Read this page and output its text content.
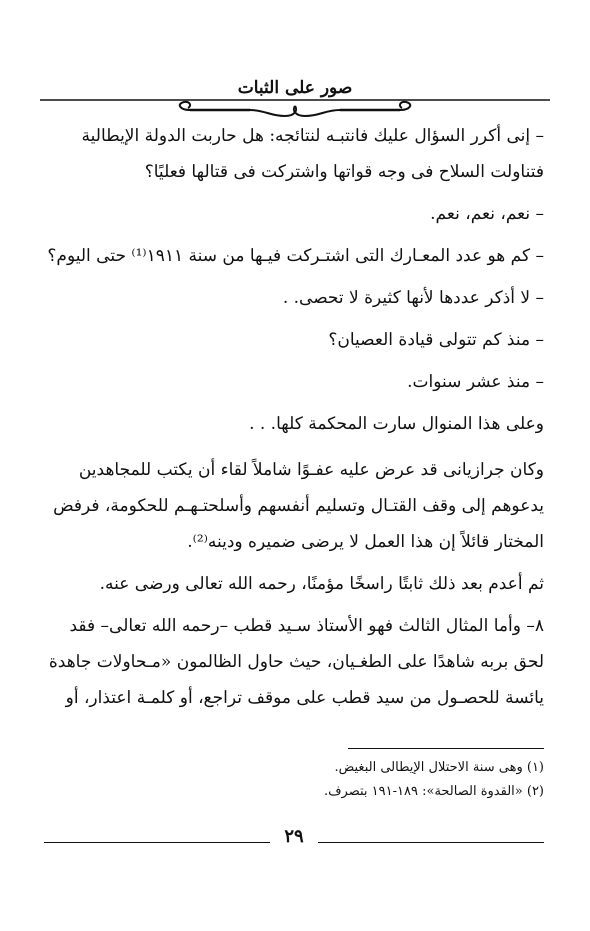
صور على الثبات

– إنى أكرر السؤال عليك فانتبـه لنتائجه: هل حاربت الدولة الإيطالية فتناولت السلاح فى وجه قواتها واشتركت فى قتالها فعليًا؟

– نعم، نعم، نعم.

– كم هو عدد المعـارك التى اشتـركت فيـها من سنة ١٩١١⁽¹⁾ حتى اليوم؟

– لا أذكر عددها لأنها كثيرة لا تحصى. .

– منذ كم تتولى قيادة العصيان؟

– منذ عشر سنوات.

وعلى هذا المنوال سارت المحكمة كلها. . .

وكان جرازيانى قد عرض عليه عفـوًا شاملاً لقاء أن يكتب للمجاهدين يدعوهم إلى وقف القتـال وتسليم أنفسهم وأسلحتـهـم للحكومة، فرفض المختار قائلاً إن هذا العمل لا يرضى ضميره ودينه⁽²⁾.

ثم أعدم بعد ذلك ثابتًا راسخًا مؤمنًا، رحمه الله تعالى ورضى عنه.

٨– وأما المثال الثالث فهو الأستاذ سـيد قطب –رحمه الله تعالى– فقد لحق بربه شاهدًا على الطغـيان، حيث حاول الظالمون «مـحاولات جاهدة يائسة للحصـول من سيد قطب على موقف تراجع، أو كلمـة اعتذار، أو

(١) وهى سنة الاحتلال الإيطالى البغيض.

(٢) «القدوة الصالحة»: ١٨٩-١٩١ بتصرف.

٢٩
